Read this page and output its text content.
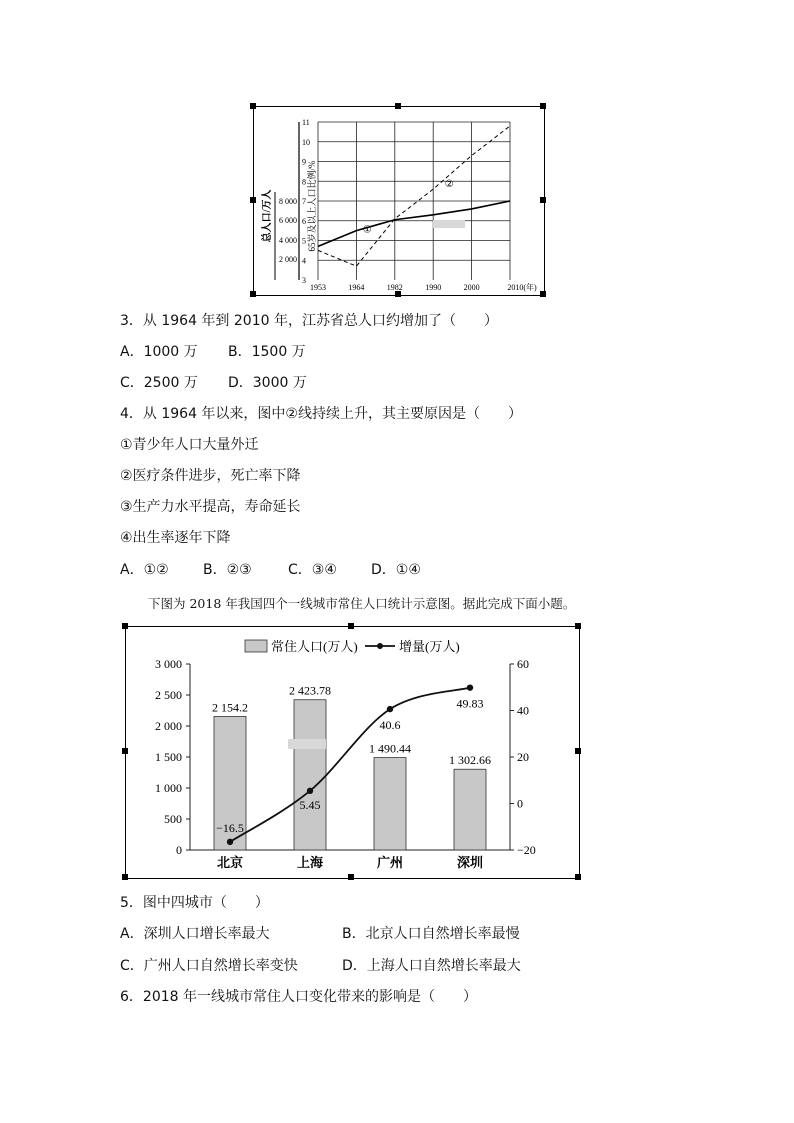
总人口/万人
2 000
4 000
6 000
8 000 65岁及以上人口比例/%
3
4
5
6
7
8
9
10
11
1953	1964	1982	1990	2000	2010(年)
①
②
3．从 1964 年到 2010 年，江苏省总人口约增加了（　　）
A．1000 万 B．1500 万
C．2500 万 D．3000 万
4．从 1964 年以来，图中②线持续上升，其主要原因是（　　）
①青少年人口大量外迁
②医疗条件进步，死亡率下降
③生产力水平提高，寿命延长
④出生率逐年下降
A．①② B．②③	C．③④ D．①④
下图为 2018 年我国四个一线城市常住人口统计示意图。据此完成下面小题。
常住人口(万人)	增量(万人)
0
500
1 000
1 500
2 000
2 500
3 000
−20
0
20
40
60
2 154.2
2 423.78
1 490.44
1 302.66
−16.5
5.45
40.6
49.83
北京	上海	广州	深圳
5．图中四城市（　　）
A．深圳人口增长率最大	B．北京人口自然增长率最慢
C．广州人口自然增长率变快	D．上海人口自然增长率最大
6．2018 年一线城市常住人口变化带来的影响是（　　）
